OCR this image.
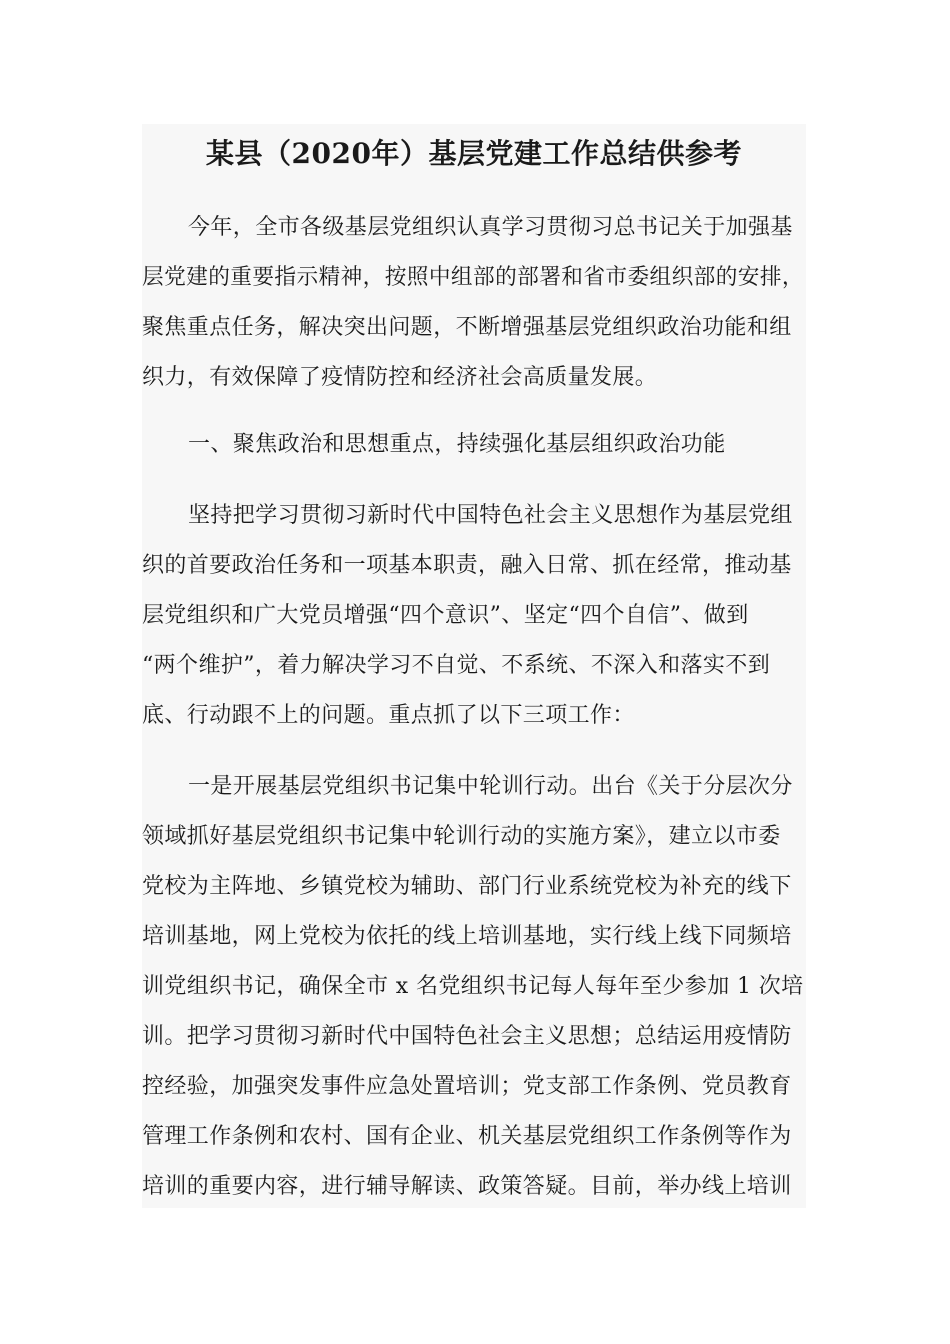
某县（2020年）基层党建工作总结供参考
今年，全市各级基层党组织认真学习贯彻习总书记关于加强基
层党建的重要指示精神，按照中组部的部署和省市委组织部的安排，
聚焦重点任务，解决突出问题，不断增强基层党组织政治功能和组
织力，有效保障了疫情防控和经济社会高质量发展。
一、聚焦政治和思想重点，持续强化基层组织政治功能
坚持把学习贯彻习新时代中国特色社会主义思想作为基层党组
织的首要政治任务和一项基本职责，融入日常、抓在经常，推动基
层党组织和广大党员增强“四个意识”、坚定“四个自信”、做到
“两个维护”，着力解决学习不自觉、不系统、不深入和落实不到
底、行动跟不上的问题。重点抓了以下三项工作：
一是开展基层党组织书记集中轮训行动。出台《关于分层次分
领域抓好基层党组织书记集中轮训行动的实施方案》，建立以市委
党校为主阵地、乡镇党校为辅助、部门行业系统党校为补充的线下
培训基地，网上党校为依托的线上培训基地，实行线上线下同频培
训党组织书记，确保全市 x 名党组织书记每人每年至少参加 1 次培
训。把学习贯彻习新时代中国特色社会主义思想；总结运用疫情防
控经验，加强突发事件应急处置培训；党支部工作条例、党员教育
管理工作条例和农村、国有企业、机关基层党组织工作条例等作为
培训的重要内容，进行辅导解读、政策答疑。目前，举办线上培训
